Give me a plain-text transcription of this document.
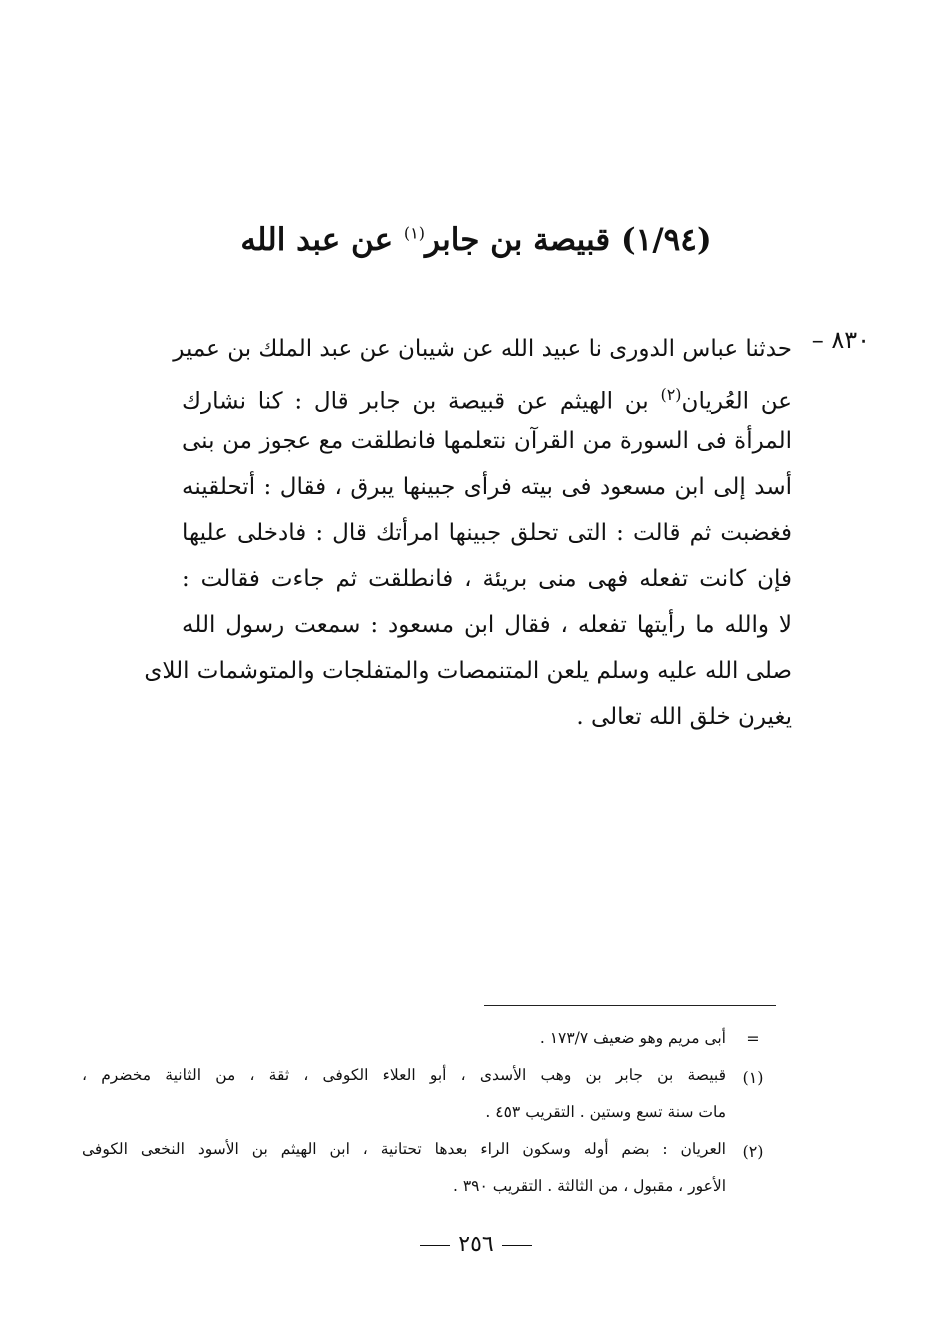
(١/٩٤) قبيصة بن جابر$^{(١)}$ عن عبد الله
٨٣٠ –
حدثنا عباس الدورى نا عبيد الله عن شيبان عن عبد الملك بن عمير
عن العُريان$^{(٢)}$ بن الهيثم عن قبيصة بن جابر قال : كنا نشارك
المرأة فى السورة من القرآن نتعلمها فانطلقت مع عجوز من بنى
أسد إلى ابن مسعود فى بيته فرأى جبينها يبرق ، فقال : أتحلقينه
فغضبت ثم قالت : التى تحلق جبينها امرأتك قال : فادخلى عليها
فإن كانت تفعله فهى منى بريئة ، فانطلقت ثم جاءت فقالت :
لا والله ما رأيتها تفعله ، فقال ابن مسعود : سمعت رسول الله
صلى الله عليه وسلم يلعن المتنمصات والمتفلجات والمتوشمات اللاى
يغيرن خلق الله تعالى .
=
(١)
(٢)
أبى مريم وهو ضعيف ١٧٣/٧ .
قبيصة بن جابر بن وهب الأسدى ، أبو العلاء الكوفى ، ثقة ، من الثانية مخضرم ،
مات سنة تسع وستين . التقريب ٤٥٣ .
العريان : بضم أوله وسكون الراء بعدها تحتانية ، ابن الهيثم بن الأسود النخعى الكوفى
الأعور ، مقبول ، من الثالثة . التقريب ٣٩٠ .
٢٥٦
